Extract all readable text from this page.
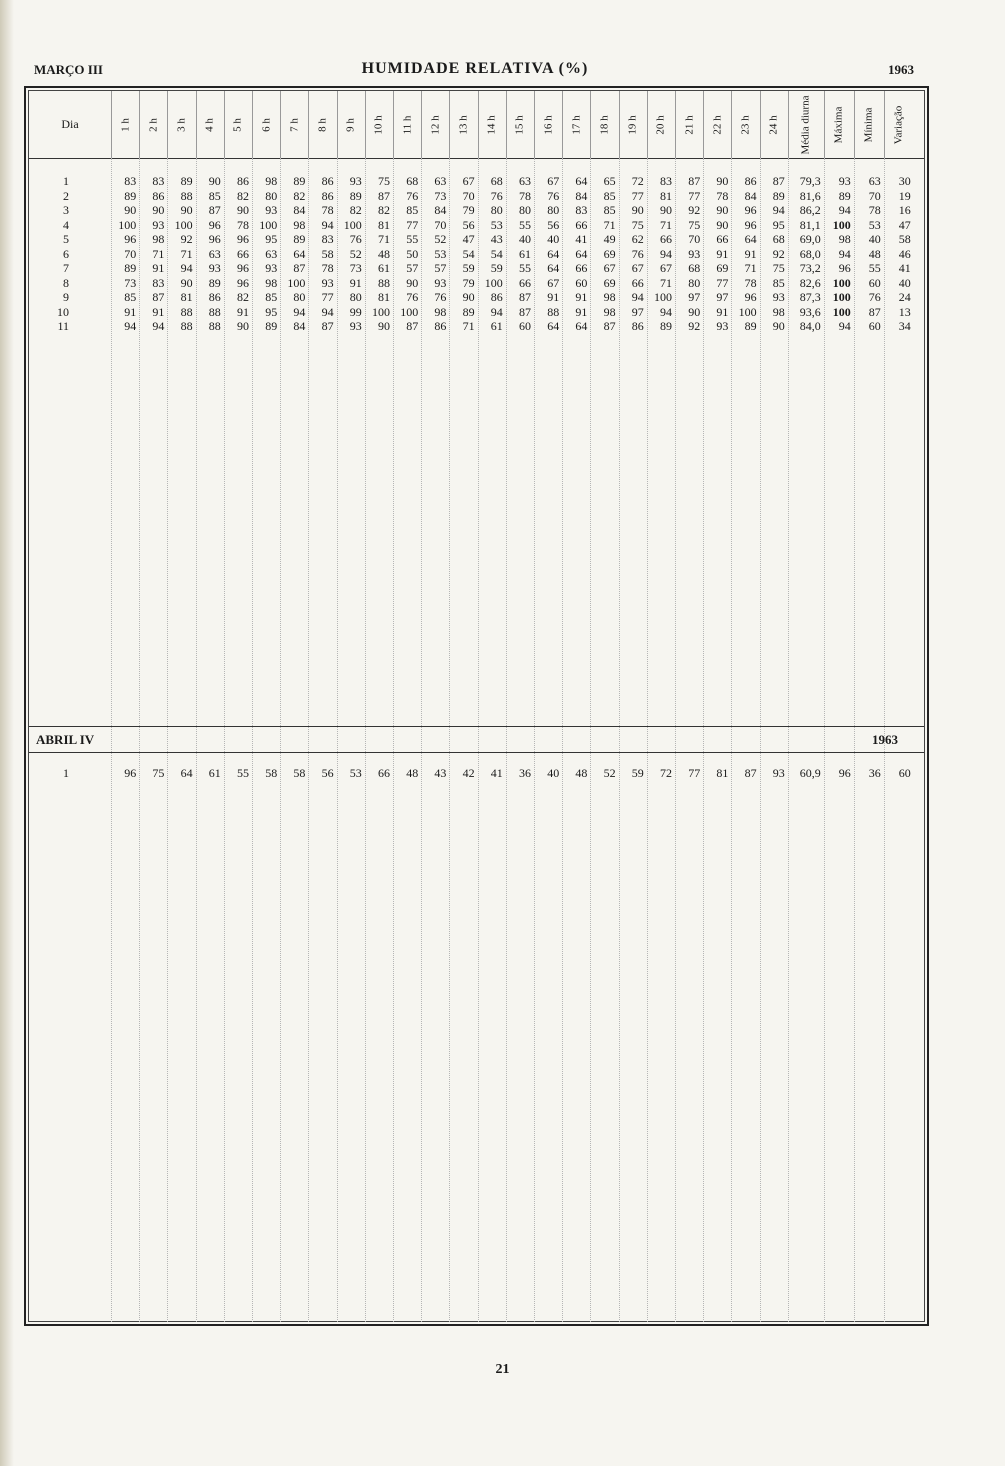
MARÇO III	HUMIDADE RELATIVA (%)	1963
Dia	1 h 2 h 3 h 4 h 5 h 6 h 7 h 8 h 9 h 10 h 11 h 12 h 13 h 14 h 15 h 16 h 17 h 18 h 19 h 20 h 21 h 22 h 23 h 24 h Média diurna Máxima Mínima Variação
1	83	83	89	90	86	98	89	86	93	75	68	63	67	68	63	67	64	65	72	83	87	90	86	87	79,3	93	63	30
2	89	86	88	85	82	80	82	86	89	87	76	73	70	76	78	76	84	85	77	81	77	78	84	89	81,6	89	70	19
3	90	90	90	87	90	93	84	78	82	82	85	84	79	80	80	80	83	85	90	90	92	90	96	94	86,2	94	78	16
4	100	93 100	96	78 100	98	94 100	81	77	70	56	53	55	56	66	71	75	71	75	90	96	95	81,1	100	53	47
5	96	98	92	96	96	95	89	83	76	71	55	52	47	43	40	40	41	49	62	66	70	66	64	68	69,0	98	40	58
6	70	71	71	63	66	63	64	58	52	48	50	53	54	54	61	64	64	69	76	94	93	91	91	92	68,0	94	48	46
7	89	91	94	93	96	93	87	78	73	61	57	57	59	59	55	64	66	67	67	67	68	69	71	75	73,2	96	55	41
8	73	83	90	89	96	98 100	93	91	88	90	93	79 100	66	67	60	69	66	71	80	77	78	85	82,6	100	60	40
9	85	87	81	86	82	85	80	77	80	81	76	76	90	86	87	91	91	98	94 100	97	97	96	93	87,3	100	76	24
10	91	91	88	88	91	95	94	94	99 100 100	98	89	94	87	88	91	98	97	94	90	91 100	98	93,6	100	87	13
11	94	94	88	88	90	89	84	87	93	90	87	86	71	61	60	64	64	87	86	89	92	93	89	90	84,0	94	60	34
ABRIL IV	1963
1	96	75	64	61	55	58	58	56	53	66	48	43	42	41	36	40	48	52	59	72	77	81	87	93	60,9	96	36	60
21
